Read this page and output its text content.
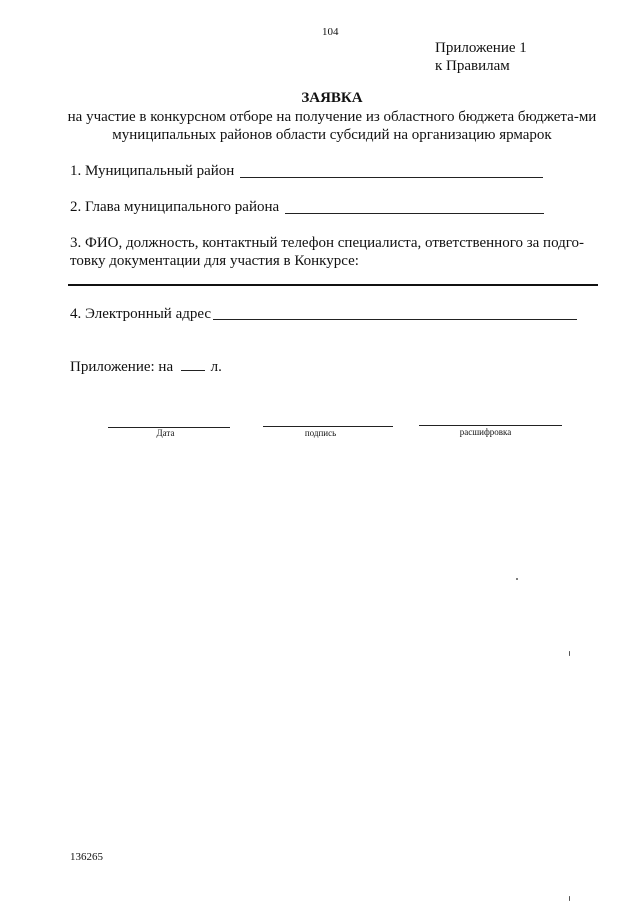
104
Приложение 1
к Правилам
ЗАЯВКА
на участие в конкурсном отборе на получение из областного бюджета бюджета-ми муниципальных районов области субсидий на организацию ярмарок
1. Муниципальный район
2. Глава муниципального района
3. ФИО, должность, контактный телефон специалиста, ответственного за подго-
товку документации для участия в Конкурсе:
4. Электронный адрес
Приложение: на	л.
Дата	подпись	расшифровка
136265
